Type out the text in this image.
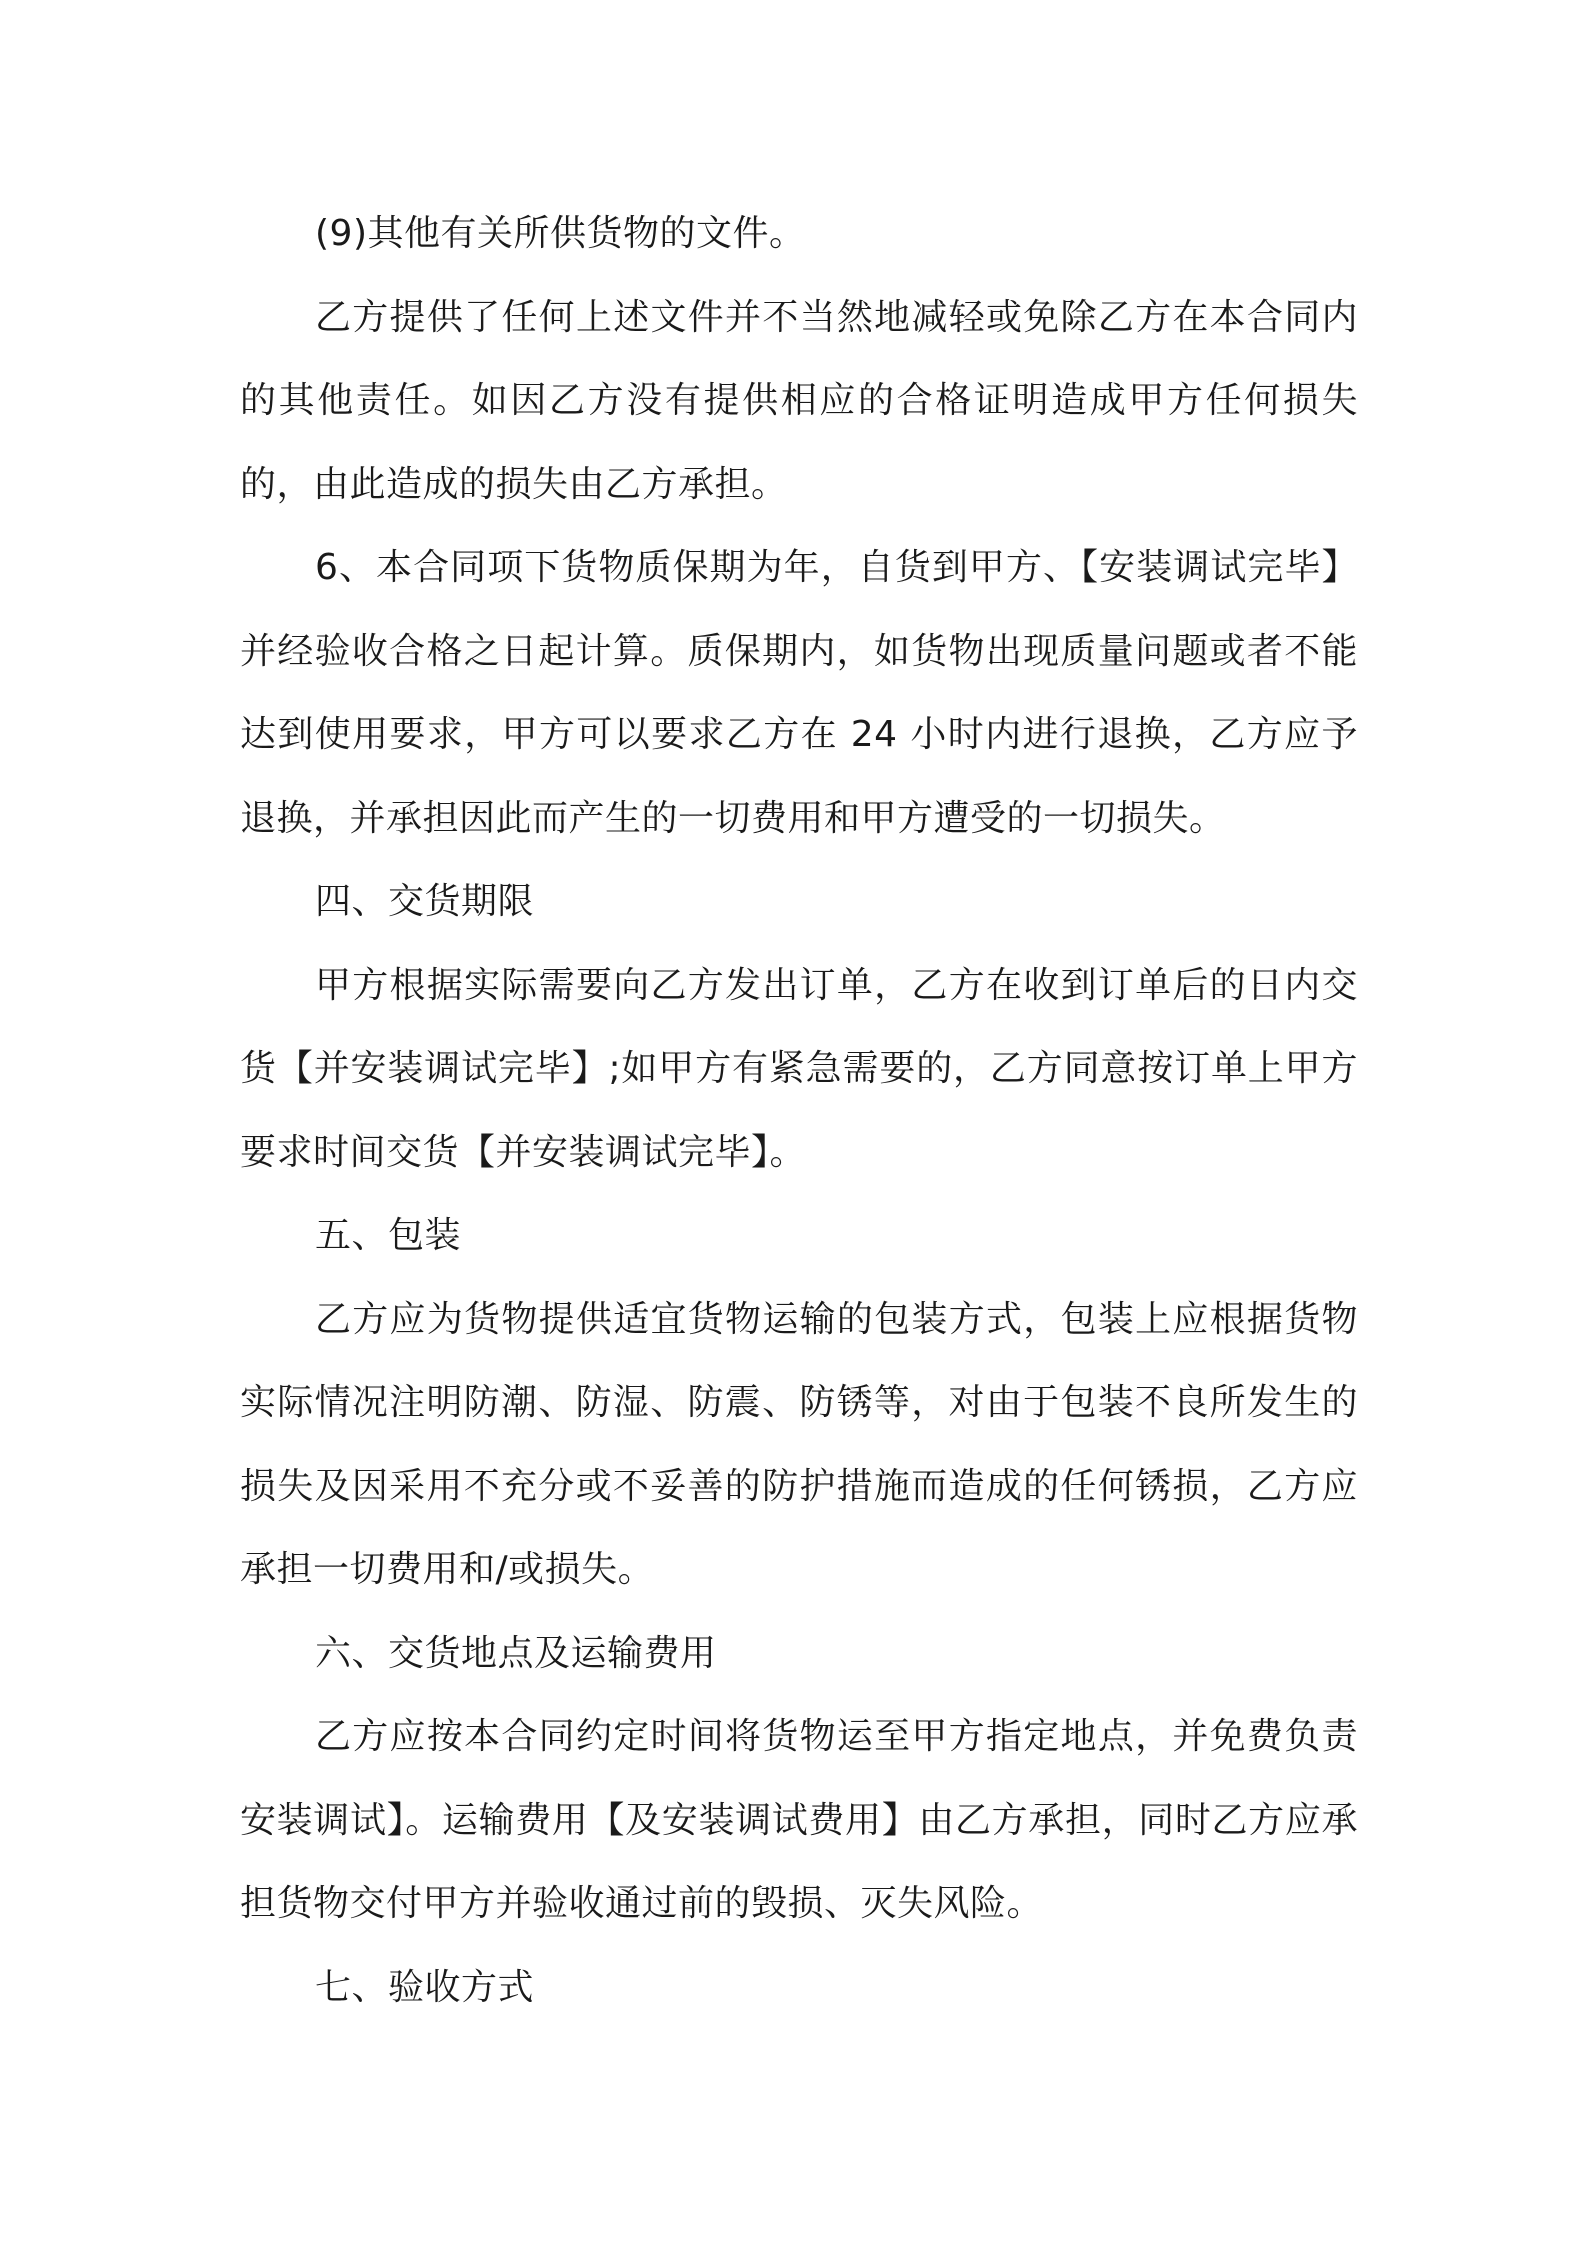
(9)其他有关所供货物的文件。

乙方提供了任何上述文件并不当然地减轻或免除乙方在本合同内的其他责任。如因乙方没有提供相应的合格证明造成甲方任何损失的，由此造成的损失由乙方承担。

6、本合同项下货物质保期为年，自货到甲方、【安装调试完毕】并经验收合格之日起计算。质保期内，如货物出现质量问题或者不能达到使用要求，甲方可以要求乙方在 24 小时内进行退换，乙方应予退换，并承担因此而产生的一切费用和甲方遭受的一切损失。

四、交货期限

甲方根据实际需要向乙方发出订单，乙方在收到订单后的日内交货【并安装调试完毕】;如甲方有紧急需要的，乙方同意按订单上甲方要求时间交货【并安装调试完毕】。

五、包装

乙方应为货物提供适宜货物运输的包装方式，包装上应根据货物实际情况注明防潮、防湿、防震、防锈等，对由于包装不良所发生的损失及因采用不充分或不妥善的防护措施而造成的任何锈损，乙方应承担一切费用和/或损失。

六、交货地点及运输费用

乙方应按本合同约定时间将货物运至甲方指定地点，并免费负责安装调试】。运输费用【及安装调试费用】由乙方承担，同时乙方应承担货物交付甲方并验收通过前的毁损、灭失风险。

七、验收方式
